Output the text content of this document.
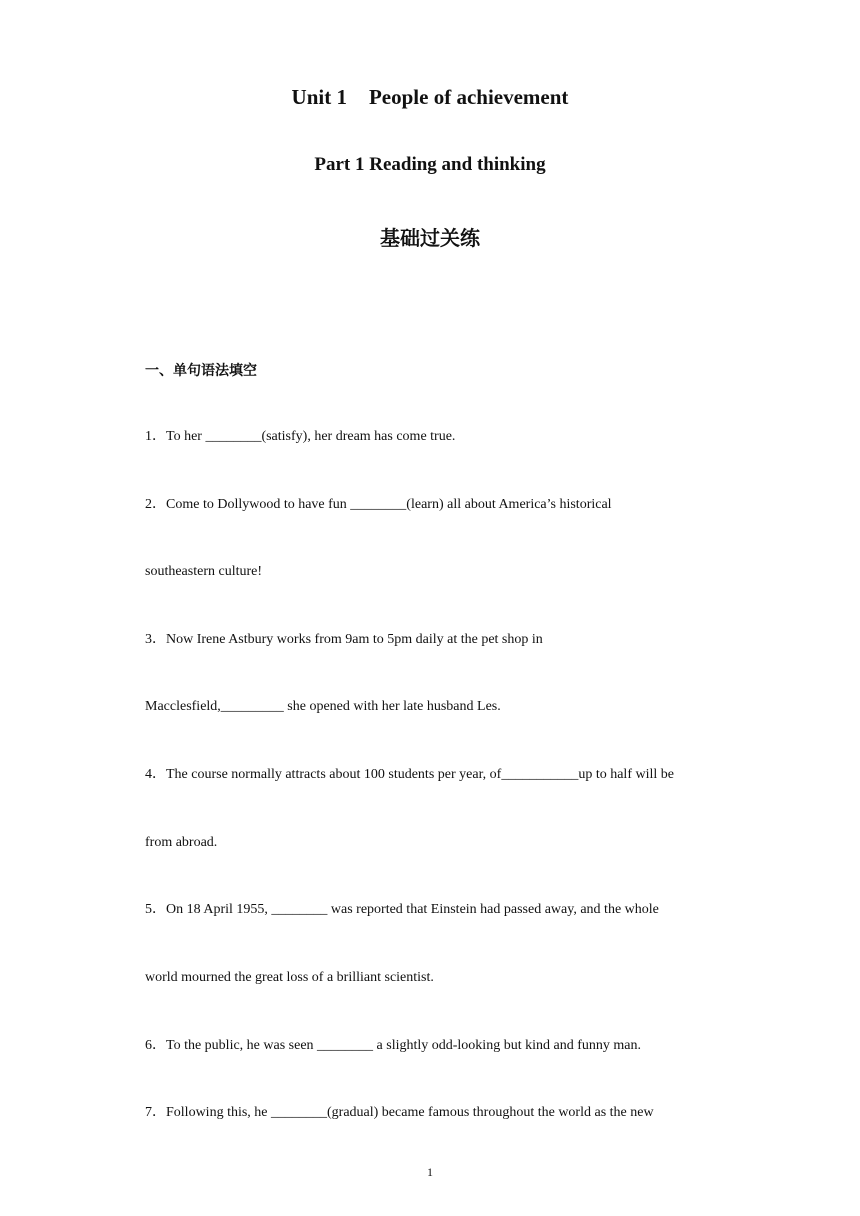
Unit 1 People of achievement
Part 1 Reading and thinking
基础过关练
一、单句语法填空
1．To her ________(satisfy), her dream has come true.
2．Come to Dollywood to have fun ________(learn) all about America’s historical
southeastern culture!
3．Now Irene Astbury works from 9am to 5pm daily at the pet shop in
Macclesfield,_________ she opened with her late husband Les.
4．The course normally attracts about 100 students per year, of___________up to half will be
from abroad.
5．On 18 April 1955, ________ was reported that Einstein had passed away, and the whole
world mourned the great loss of a brilliant scientist.
6．To the public, he was seen ________ a slightly odd-looking but kind and funny man.
7．Following this, he ________(gradual) became famous throughout the world as the new
1
